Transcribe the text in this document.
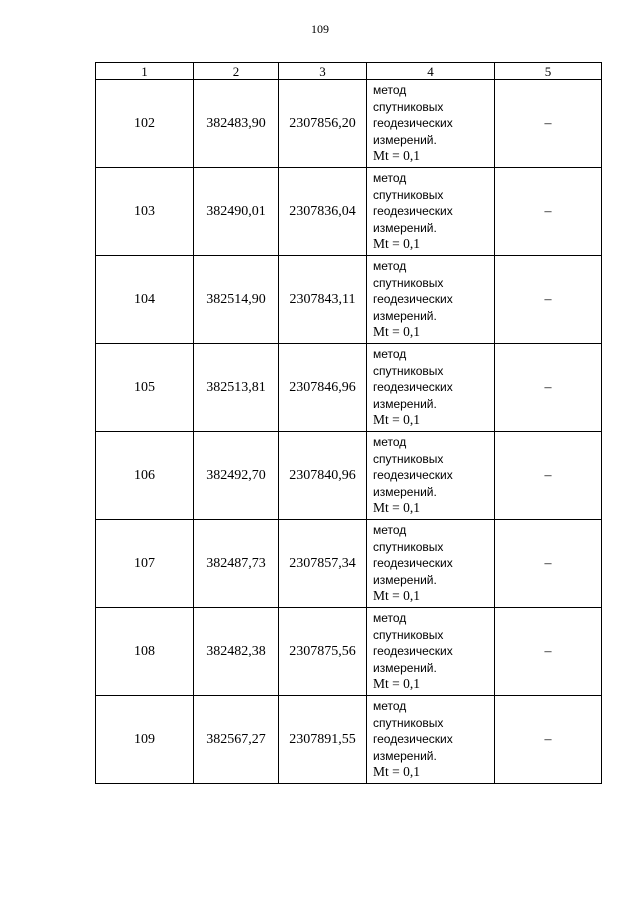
109
1	2	3	4	5
102	382483,90	2307856,20	метод
спутниковых
геодезических
измерений.
Mt = 0,1	–
103	382490,01	2307836,04	метод
спутниковых
геодезических
измерений.
Mt = 0,1	–
104	382514,90	2307843,11	метод
спутниковых
геодезических
измерений.
Mt = 0,1	–
105	382513,81	2307846,96	метод
спутниковых
геодезических
измерений.
Mt = 0,1	–
106	382492,70	2307840,96	метод
спутниковых
геодезических
измерений.
Mt = 0,1	–
107	382487,73	2307857,34	метод
спутниковых
геодезических
измерений.
Mt = 0,1	–
108	382482,38	2307875,56	метод
спутниковых
геодезических
измерений.
Mt = 0,1	–
109	382567,27	2307891,55	метод
спутниковых
геодезических
измерений.
Mt = 0,1	–
